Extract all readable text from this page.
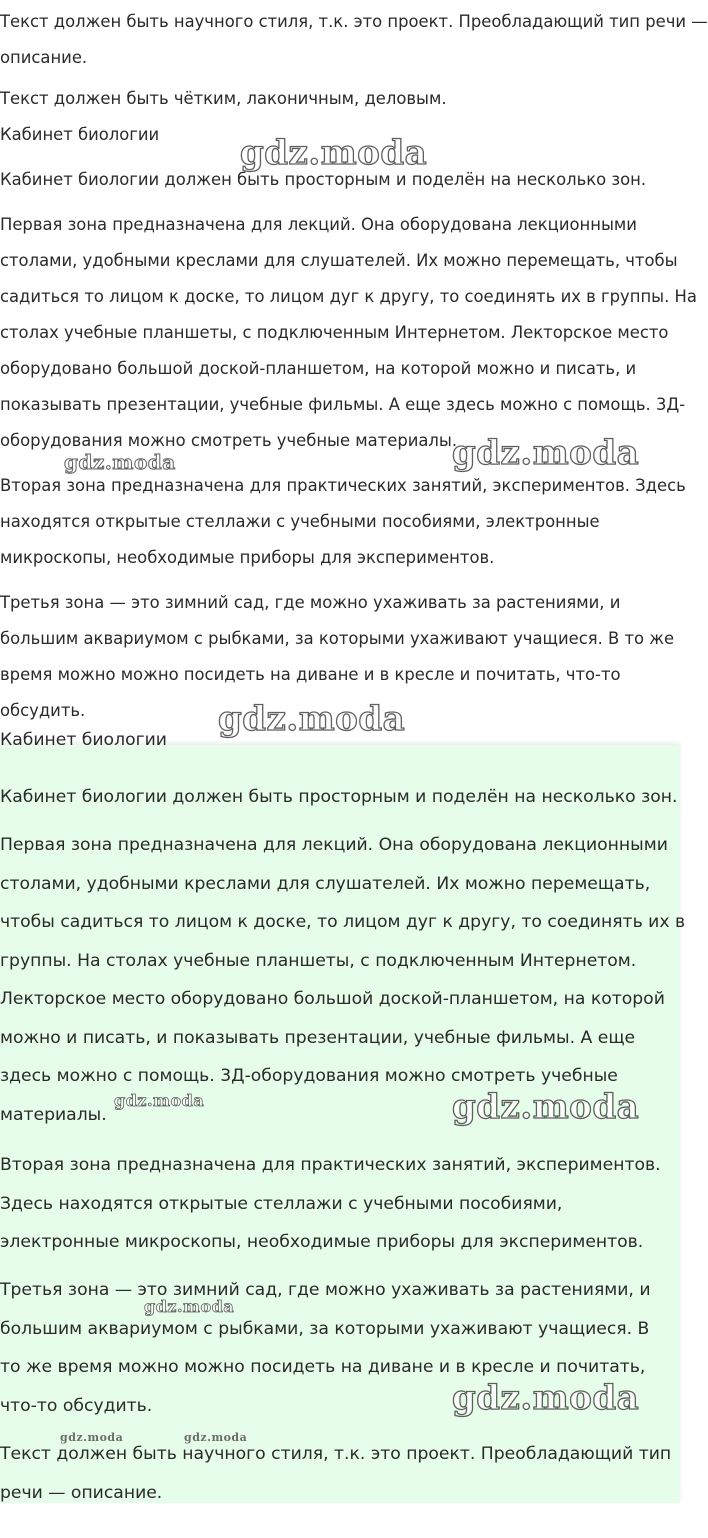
Текст должен быть научного стиля, т.к. это проект. Преобладающий тип речи —
описание.
Текст должен быть чётким, лаконичным, деловым.
Кабинет биологии
Кабинет биологии должен быть просторным и поделён на несколько зон.
Первая зона предназначена для лекций. Она оборудована лекционными
столами, удобными креслами для слушателей. Их можно перемещать, чтобы
садиться то лицом к доске, то лицом дуг к другу, то соединять их в группы. На
столах учебные планшеты, с подключенным Интернетом. Лекторское место
оборудовано большой доской-планшетом, на которой можно и писать, и
показывать презентации, учебные фильмы. А еще здесь можно с помощь. 3Д-
оборудования можно смотреть учебные материалы.
Вторая зона предназначена для практических занятий, экспериментов. Здесь
находятся открытые стеллажи с учебными пособиями, электронные
микроскопы, необходимые приборы для экспериментов.
Третья зона — это зимний сад, где можно ухаживать за растениями, и
большим аквариумом с рыбками, за которыми ухаживают учащиеся. В то же
время можно можно посидеть на диване и в кресле и почитать, что-то
обсудить.
gdz.moda
gdz.moda	gdz.moda
gdz.moda
Кабинет биологии
Кабинет биологии должен быть просторным и поделён на несколько зон.
Первая зона предназначена для лекций. Она оборудована лекционными
столами, удобными креслами для слушателей. Их можно перемещать,
чтобы садиться то лицом к доске, то лицом дуг к другу, то соединять их в
группы. На столах учебные планшеты, с подключенным Интернетом.
Лекторское место оборудовано большой доской-планшетом, на которой
можно и писать, и показывать презентации, учебные фильмы. А еще
здесь можно с помощь. 3Д-оборудования можно смотреть учебные
материалы.
Вторая зона предназначена для практических занятий, экспериментов.
Здесь находятся открытые стеллажи с учебными пособиями,
электронные микроскопы, необходимые приборы для экспериментов.
Третья зона — это зимний сад, где можно ухаживать за растениями, и
большим аквариумом с рыбками, за которыми ухаживают учащиеся. В
то же время можно можно посидеть на диване и в кресле и почитать,
что-то обсудить.
Текст должен быть научного стиля, т.к. это проект. Преобладающий тип
речи — описание.
gdz.moda	gdz.moda
gdz.moda
gdz.moda
gdz.moda	gdz.moda
